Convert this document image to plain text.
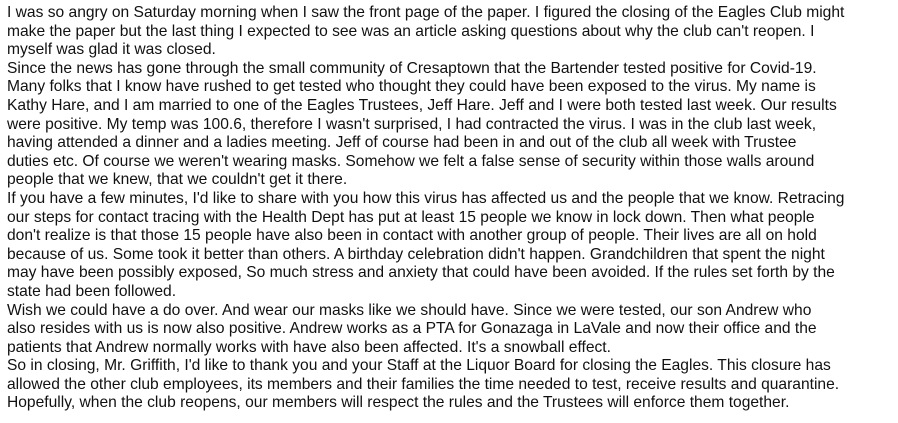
I was so angry on Saturday morning when I saw the front page of the paper. I figured the closing of the Eagles Club might
make the paper but the last thing I expected to see was an article asking questions about why the club can't reopen. I
myself was glad it was closed.
Since the news has gone through the small community of Cresaptown that the Bartender tested positive for Covid-19.
Many folks that I know have rushed to get tested who thought they could have been exposed to the virus. My name is
Kathy Hare, and I am married to one of the Eagles Trustees, Jeff Hare. Jeff and I were both tested last week. Our results
were positive. My temp was 100.6, therefore I wasn't surprised, I had contracted the virus. I was in the club last week,
having attended a dinner and a ladies meeting. Jeff of course had been in and out of the club all week with Trustee
duties etc. Of course we weren't wearing masks. Somehow we felt a false sense of security within those walls around
people that we knew, that we couldn't get it there.
If you have a few minutes, I'd like to share with you how this virus has affected us and the people that we know. Retracing
our steps for contact tracing with the Health Dept has put at least 15 people we know in lock down. Then what people
don't realize is that those 15 people have also been in contact with another group of people. Their lives are all on hold
because of us. Some took it better than others. A birthday celebration didn't happen. Grandchildren that spent the night
may have been possibly exposed, So much stress and anxiety that could have been avoided. If the rules set forth by the
state had been followed.
Wish we could have a do over. And wear our masks like we should have. Since we were tested, our son Andrew who
also resides with us is now also positive. Andrew works as a PTA for Gonazaga in LaVale and now their office and the
patients that Andrew normally works with have also been affected. It's a snowball effect.
So in closing, Mr. Griffith, I'd like to thank you and your Staff at the Liquor Board for closing the Eagles. This closure has
allowed the other club employees, its members and their families the time needed to test, receive results and quarantine.
Hopefully, when the club reopens, our members will respect the rules and the Trustees will enforce them together.
